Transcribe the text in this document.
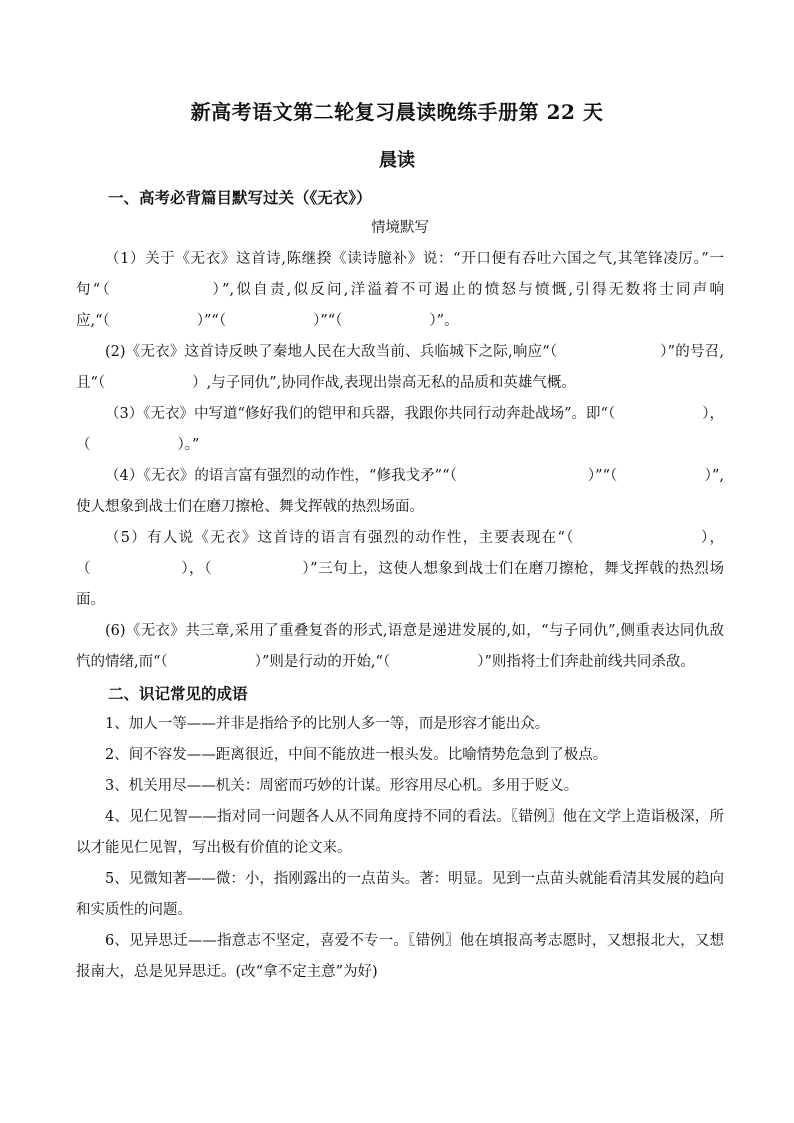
新高考语文第二轮复习晨读晚练手册第 22 天
晨读
一、高考必背篇目默写过关（《无衣》）
情境默写
（1）关于《无衣》这首诗,陈继揆《读诗臆补》说：“开口便有吞吐六国之气,其笔锋凌厉。”一句“（　　　　　　）”,似自责,似反问,洋溢着不可遏止的愤怒与愤慨,引得无数将士同声响应,“（　　　　　　）”“（　　　　　　）”“（　　　　　　）”。
(2)《无衣》这首诗反映了秦地人民在大敌当前、兵临城下之际,响应“（　　　　　　　）”的号召,且“（　　　　　　）,与子同仇”,协同作战,表现出崇高无私的品质和英雄气概。
（3）《无衣》中写道“修好我们的铠甲和兵器，我跟你共同行动奔赴战场”。即“（　　　　　　），（　　　　　　）。”
（4）《无衣》的语言富有强烈的动作性，“修我戈矛”“（　　　　　　　　　）”“（　　　　　　）”,使人想象到战士们在磨刀擦枪、舞戈挥戟的热烈场面。
（5）有人说《无衣》这首诗的语言有强烈的动作性，主要表现在“（　　　　　　　　），（　　　　　　），（　　　　　　）”三句上，这使人想象到战士们在磨刀擦枪，舞戈挥戟的热烈场面。
(6)《无衣》共三章,采用了重叠复沓的形式,语意是递进发展的,如，“与子同仇”,侧重表达同仇敌忾的情绪,而“（　　　　　　）”则是行动的开始,“（　　　　　　）”则指将士们奔赴前线共同杀敌。
二、识记常见的成语
1、加人一等——并非是指给予的比别人多一等，而是形容才能出众。
2、间不容发——距离很近，中间不能放进一根头发。比喻情势危急到了极点。
3、机关用尽——机关：周密而巧妙的计谋。形容用尽心机。多用于贬义。
4、见仁见智——指对同一问题各人从不同角度持不同的看法。〖错例〗他在文学上造诣极深，所以才能见仁见智，写出极有价值的论文来。
5、见微知著——微：小，指刚露出的一点苗头。著：明显。见到一点苗头就能看清其发展的趋向和实质性的问题。
6、见异思迁——指意志不坚定，喜爱不专一。〖错例〗他在填报高考志愿时，又想报北大，又想报南大，总是见异思迁。(改“拿不定主意”为好)
